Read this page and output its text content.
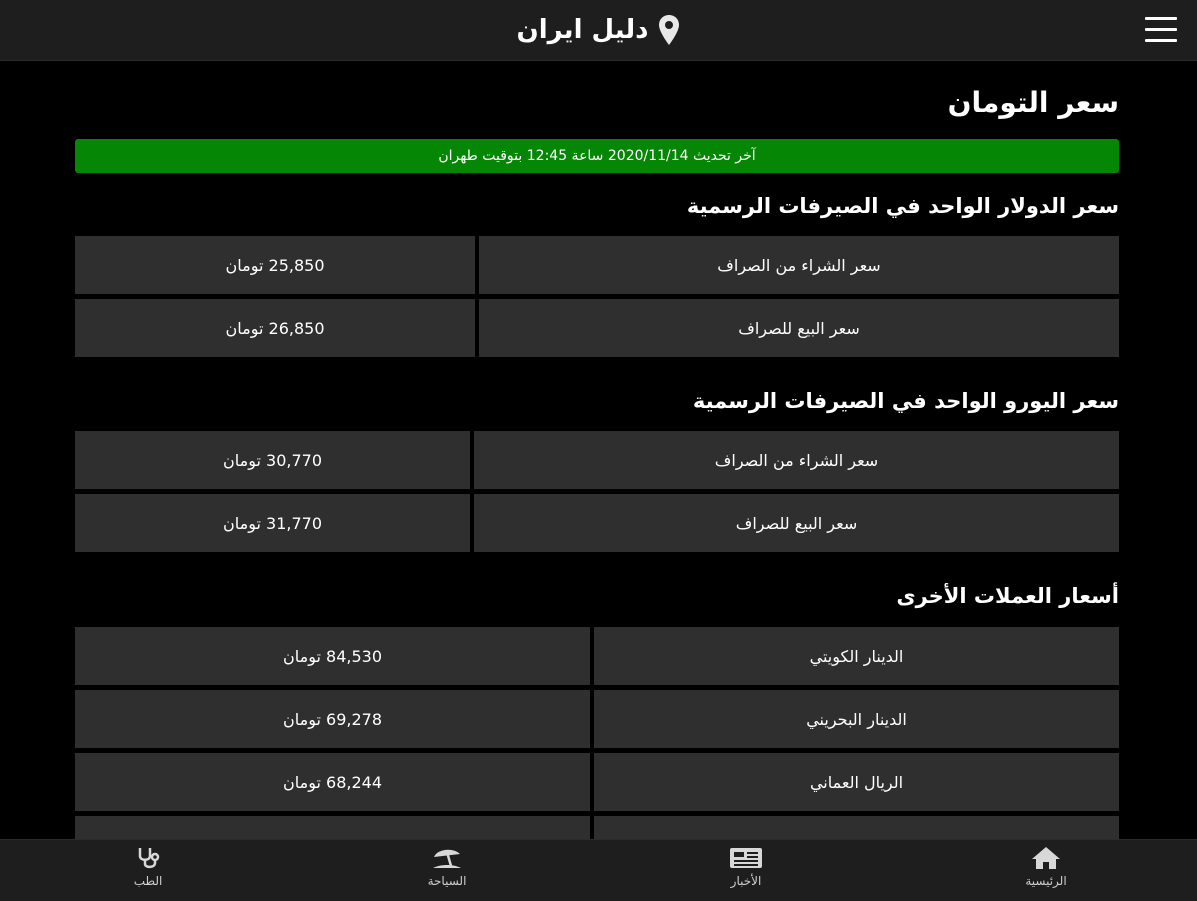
دليل ايران
سعر التومان
آخر تحديث 2020/11/14 ساعة 12:45 بتوقيت طهران
سعر الدولار الواحد في الصيرفات الرسمية
سعر الشراء من الصراف
25,850 تومان
سعر البيع للصراف
26,850 تومان
سعر اليورو الواحد في الصيرفات الرسمية
سعر الشراء من الصراف
30,770 تومان
سعر البيع للصراف
31,770 تومان
أسعار العملات الأخرى
الدينار الكويتي
84,530 تومان
الدينار البحريني
69,278 تومان
الريال العماني
68,244 تومان
الرئيسية
الأخبار
السياحة
الطب
